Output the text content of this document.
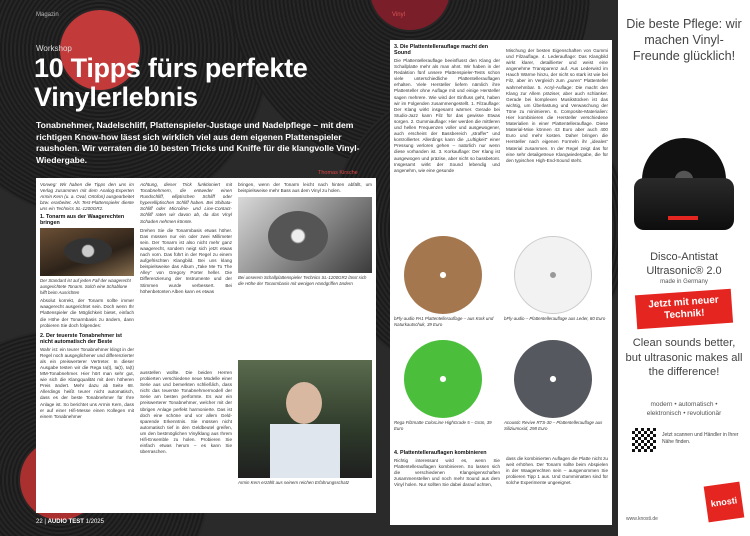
Magazin	Vinyl
Workshop
10 Tipps fürs perfekte
Vinylerlebnis
Tonabnehmer, Nadelschliff, Plattenspieler-Justage und Nadelpflege – mit dem richtigen Know-how lässt sich wirklich viel aus dem eigenen Plattenspieler rausholen. Wir verraten die 10 besten Tricks und Kniffe für die klangvolle Vinyl-Wiedergabe.
Thomas Kirsche

Vorweg: Wir haben die Tipps den uns im Verlag zusammen mit dem Analog-Experten Armin Kern (u. a. Oval, Ortofon) ausgearbeitet bzw. erarbeitet. Als Test-Plattenspieler diente uns ein Technics SL-1200GR2.

1. Tonarm aus der Waagerechten bringen

Der Standard ist auf jeden Fall der waagerecht ausgerichtete Tonarm. Solch eine Schablone hilft beim Ausrichten

Absolut korrekt, der Tonarm sollte immer waagerecht ausgerichtet sein. Doch wenn Ihr Plattenspieler die Möglichkeit bietet, einfach die Höhe der Tonarmbasis zu ändern, dann probieren Sie doch folgendes:

2. Der teuerste Tonabnehmer ist nicht automatisch der Beste

Wahr ist: ein teurer Tonabnehmer klingt in der Regel noch ausgeglichener und differenzierter als ein preiswerterer Vertreter. In dieser Ausgabe testen wir die Rega Ia(t), Ia(t), Ia(t) MM-Tonabnehmer. Hier hört man sehr gut, wie sich die Klangqualität mit dem höheren Preis ändert. Mehr dazu ab Seite 68. Allerdings heißt teurer nicht automatisch, dass es der beste Tonabnehmer für Ihre Anlage ist. So berichtet uns Armin Kern, dass er auf einer Hifi-Messe einen Kollegen mit einem Tonabnehmer

Achtung, dieser Trick funktioniert mit Tonabnehmern, die entweder einen Rundschliff, elliptischen Schliff oder hyperelliptischen Schliff haben. Bei Shibata-Schliff oder Microline- und Line-Contact-Schliff raten wir davon ab, da das Vinyl Schaden nehmen könnte.

Drehen Sie die Tonarmbasis etwas höher. Das müssen nur ein oder zwei Millimeter sein. Der Tonarm ist also nicht mehr ganz waagerecht, sondern neigt sich jetzt etwas nach vorn. Das führt in der Regel zu einem aufgefrischten Klangbild. Bei uns klang beispielsweise das Album „Take Me To The Alley“ von Gregory Porter heller. Die Differenzierung der Instrumente und der Stimmen wurde verbessert. Bei höhenbetonten Alben kann es etwas

ausstellen wollte. Die beiden Herren probierten verschiedene neue Modelle einer Serie aus und bemerkten schließlich, dass nicht das teuerste Tonabnehmermodell der Serie am besten performte. Es war ein preiswerterer Tonabnehmer, welcher mit der übrigen Anlage perfekt harmonierte. Das ist doch eine schöne und vor allem Geld-sparende Erkenntnis. Sie müssen nicht automatisch tief in den Geldbeutel greifen, um den bestmöglichen Vinylklang aus Ihrem Hifi-Ensemble zu holen. Probieren Sie einfach etwas herum – es kann Sie überraschen.

bringen, wenn der Tonarm leicht nach hinten abfällt, um beispielsweise mehr Bass aus dem Vinyl zu holen.

Bei unserem Schallplattenspieler Technics SL-1200GR2 lässt sich die Höhe der Tonarmbasis mit wenigen Handgriffen ändern

Armin Kern erzählt aus seinem reichen Erfahrungsschatz

22 | AUDIO TEST 1/2025

3. Die Plattentellerauflage macht den Sound

Die Plattentellerauflage beeinflusst den Klang der Schallplatte mehr als man ahnt. Wir haben in der Redaktion fünf unsere Plattenspieler-Tests schon viele unterschiedliche Plattentellerauflagen erhalten. Viele Hersteller liefern nämlich ihre Plattenteller ohne Auflage mit und einige Hersteller sagen mehrere. Wie wird der Einfluss geht, haben wir im Folgenden zusammengestellt. 1. Filzauflage: Der Klang wirkt insgesamt wärmer. Gerade bei Studio-Jazz kann Filz für das gewisse Etwas sorgen. 2. Gummiauflage: Hier werden die mittleren und hellen Frequenzen voller und ausgewogener, auch erscheint der Bassbereich „straffer“ und kontrollierter. Allerdings kann die „Luftigkeit“ einer Pressung verloren gehen – natürlich nur wenn diese vorhanden ist. 3. Korkauflage: Der Klang ist ausgewogen und präzise, aber nicht so bassbetont. Insgesamt wirkt der Sound lebendig und angenehm, wie eine gesunde

Mischung der besten Eigenschaften von Gummi und Filzauflage. 4. Lederauflage: Das Klangbild wirkt klarer, detaillierter und weist eine angenehme Transparenz auf. Aus Lederwird im Hauch Wärme hinzu, der nicht so stark ist wie bei Filz, aber im Vergleich zum „puren“ Plattenteller wahrnehmbar. 5. Acryl-Auflage: Die macht den Klang zur Allem präziser, aber auch schlanker. Gerade bei komplexen Musikstücken ist das wichtig, um Überlastung und Verwaschung der Töne zu minimieren. 6. Composite-Materialien: Hier kombinieren die Hersteller verschiedene Materialien in einer Plattentellerauflage. Diese Material-Mixe können 43 Euro aber auch 400 Euro und mehr kosten. Daher bringen die Hersteller nach eigenen Formeln ihr „ideales“ Material zusammen. In der Regel zeigt das für eine sehr detailgetreue Klangwiedergabe, die für den typischen High-End-Sound steht.

bFly-audio PA1 Plattentellerauflage – aus Kork und Naturkautschuk, 39 Euro

bFly-audio – Plattentellerauflage aus Leder, 80 Euro

Rega Filzmatte ColorLine HighGrade 5 – Grün, 39 Euro

Acoustic Revive RTS-30 – Plattentellerauflage aus Siliziumoxid, 298 Euro

4. Plattentellerauflagen kombinieren

Richtig interessant wird es, wenn Sie Plattentellerauflagen kombinieren. So lassen sich die verschiedenen Klangeigenschaften zusammenstellen und noch mehr Sound aus dem Vinyl holen. Nur sollten Sie dabei darauf achten,

dass die kombinierten Auflagen die Platte nicht zu weit erhöhen. Der Tonarm sollte beim Abspielen in der Waagerechten sein – ausgenommen Sie probieren Tipp 1 aus. Und Gummimatten sind für solche Experimente ungeeignet.

Die beste Pflege: wir machen Vinyl-Freunde glücklich!
Disco-Antistat
Ultrasonic® 2.0
made in Germany
Jetzt mit neuer Technik!
Clean sounds better, but ultrasonic makes all the difference!
modern • automatisch •
elektronisch • revolutionär
Jetzt scannen und Händler in Ihrer Nähe finden.
knosti
www.knosti.de
